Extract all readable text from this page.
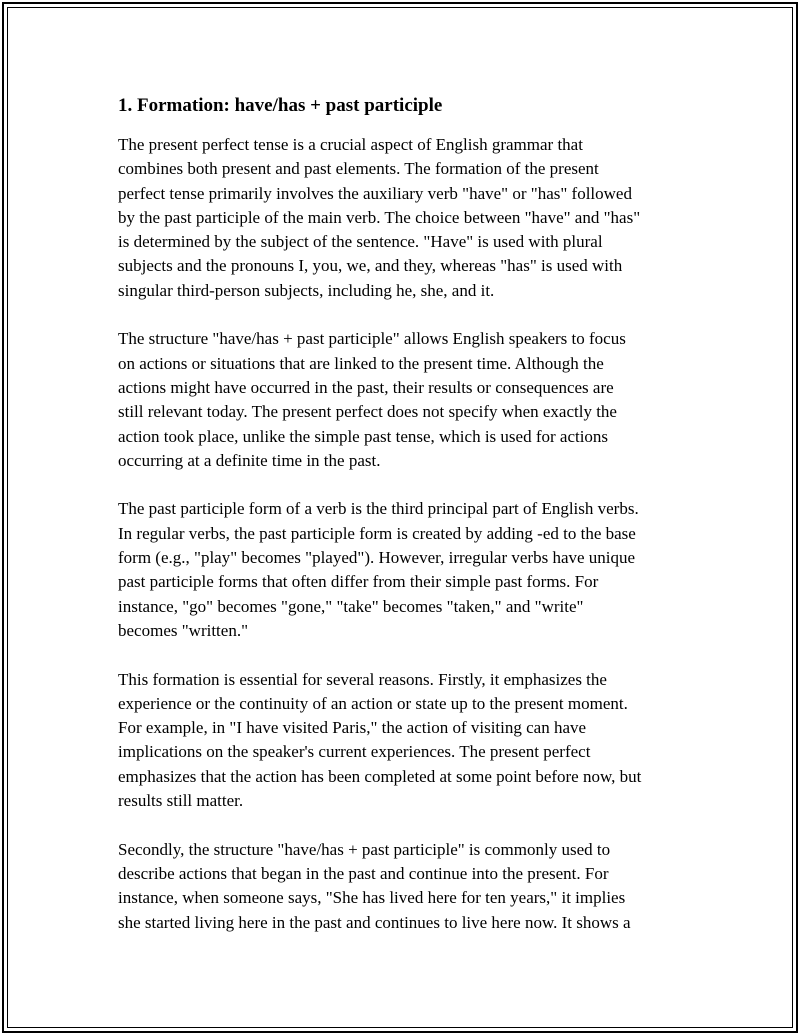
1. Formation: have/has + past participle
The present perfect tense is a crucial aspect of English grammar that
combines both present and past elements. The formation of the present
perfect tense primarily involves the auxiliary verb "have" or "has" followed
by the past participle of the main verb. The choice between "have" and "has"
is determined by the subject of the sentence. "Have" is used with plural
subjects and the pronouns I, you, we, and they, whereas "has" is used with
singular third-person subjects, including he, she, and it.
The structure "have/has + past participle" allows English speakers to focus
on actions or situations that are linked to the present time. Although the
actions might have occurred in the past, their results or consequences are
still relevant today. The present perfect does not specify when exactly the
action took place, unlike the simple past tense, which is used for actions
occurring at a definite time in the past.
The past participle form of a verb is the third principal part of English verbs.
In regular verbs, the past participle form is created by adding -ed to the base
form (e.g., "play" becomes "played"). However, irregular verbs have unique
past participle forms that often differ from their simple past forms. For
instance, "go" becomes "gone," "take" becomes "taken," and "write"
becomes "written."
This formation is essential for several reasons. Firstly, it emphasizes the
experience or the continuity of an action or state up to the present moment.
For example, in "I have visited Paris," the action of visiting can have
implications on the speaker's current experiences. The present perfect
emphasizes that the action has been completed at some point before now, but
results still matter.
Secondly, the structure "have/has + past participle" is commonly used to
describe actions that began in the past and continue into the present. For
instance, when someone says, "She has lived here for ten years," it implies
she started living here in the past and continues to live here now. It shows a
